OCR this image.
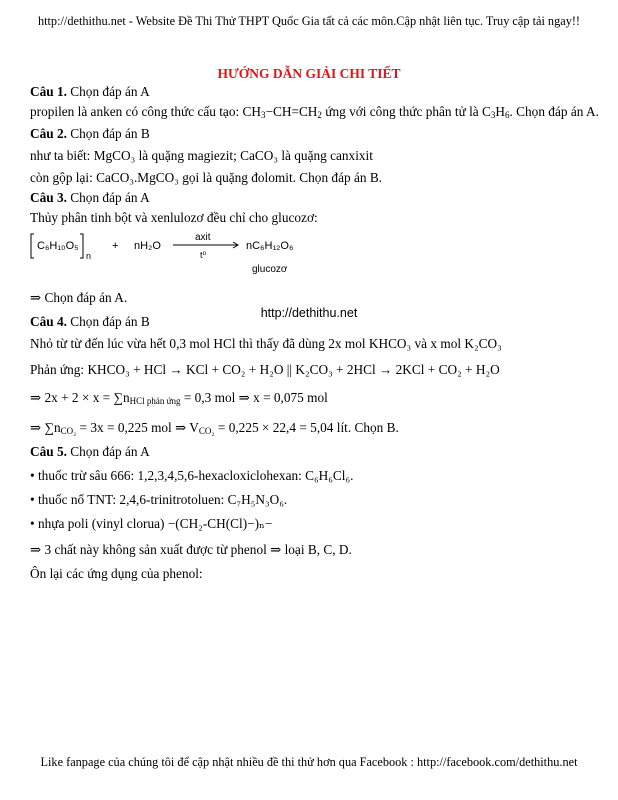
http://dethithu.net - Website Đề Thi Thử THPT Quốc Gia tất cả các môn.Cập nhật liên tục. Truy cập tải ngay!!
HƯỚNG DẪN GIẢI CHI TIẾT
Câu 1. Chọn đáp án A
propilen là anken có công thức cấu tạo: $CH_3-CH=CH_2$ ứng với công thức phân tử là $C_3H_6$. Chọn đáp án A.
Câu 2. Chọn đáp án B
như ta biết: MgCO₃ là quặng magiezit; CaCO₃ là quặng canxixit
còn gộp lại: CaCO₃.MgCO₃ gọi là quặng đolomit. Chọn đáp án B.
Câu 3. Chọn đáp án A
Thủy phân tinh bột và xenlulozơ đều chỉ cho glucozơ:
C₆H₁₀O₅
n
+ nH₂O
axit
t⁰
nC₆H₁₂O₆
glucozơ
⇒ Chọn đáp án A.
http://dethithu.net
Câu 4. Chọn đáp án B
Nhỏ từ từ đến lúc vừa hết 0,3 mol HCl thì thấy đã dùng 2x mol KHCO₃ và x mol K₂CO₃
Phản ứng: KHCO₃ + HCl → KCl + CO₂ + H₂O || K₂CO₃ + 2HCl → 2KCl + CO₂ + H₂O
⇒ $2x + 2 \times x = \sum n_{HCl phản ứng} = 0,3$ mol ⇒ x = 0,075 mol
⇒ $\sum n_{CO_2} = 3x = 0,225$ mol ⇒ $V_{CO_2} = 0,225 \times 22,4 = 5,04$ lít. Chọn B.
Câu 5. Chọn đáp án A
• thuốc trừ sâu 666: 1,2,3,4,5,6-hexacloxiclohexan: C₆H₆Cl₆.
• thuốc nổ TNT: 2,4,6-trinitrotoluen: C₇H₅N₃O₆.
• nhựa poli (vinyl clorua) −(CH₂-CH(Cl)−)ₙ−
⇒ 3 chất này không sản xuất được từ phenol ⇒ loại B, C, D.
Ôn lại các ứng dụng của phenol:
Like fanpage của chúng tôi để cập nhật nhiều đề thi thử hơn qua Facebook : http://facebook.com/dethithu.net
